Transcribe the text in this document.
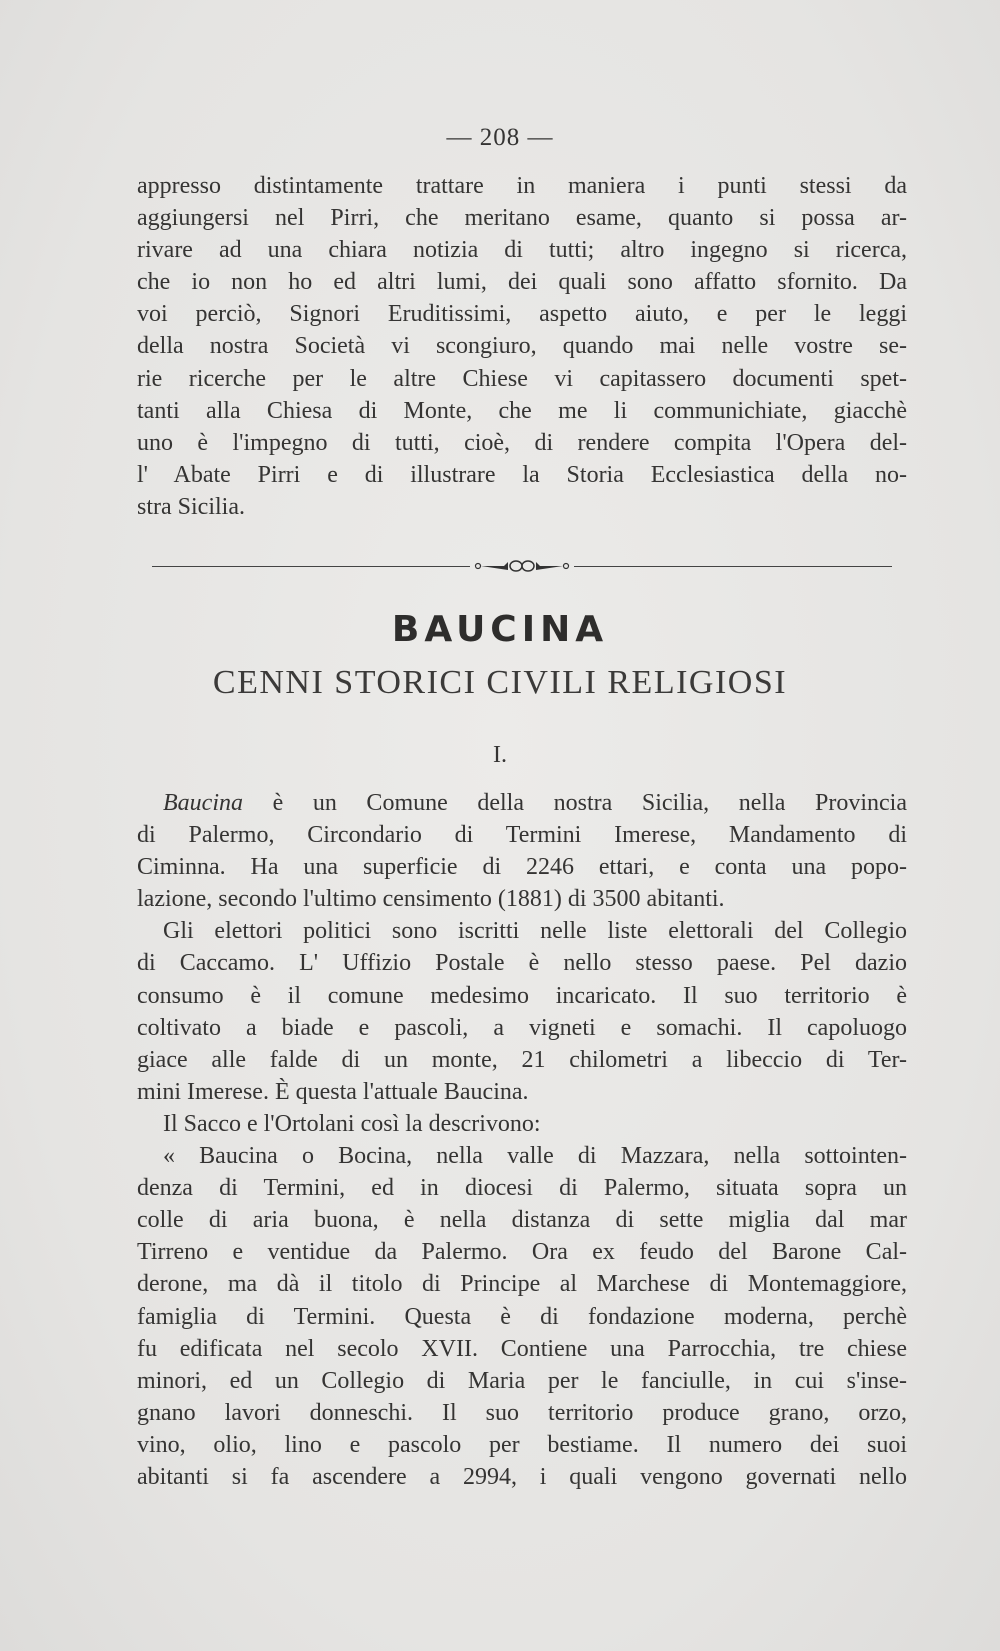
— 208 —
appresso distintamente trattare in maniera i punti stessi da
aggiungersi nel Pirri, che meritano esame, quanto si possa ar-
rivare ad una chiara notizia di tutti; altro ingegno si ricerca,
che io non ho ed altri lumi, dei quali sono affatto sfornito. Da
voi perciò, Signori Eruditissimi, aspetto aiuto, e per le leggi
della nostra Società vi scongiuro, quando mai nelle vostre se-
rie ricerche per le altre Chiese vi capitassero documenti spet-
tanti alla Chiesa di Monte, che me li communichiate, giacchè
uno è l'impegno di tutti, cioè, di rendere compita l'Opera del-
l' Abate Pirri e di illustrare la Storia Ecclesiastica della no-
stra Sicilia.
BAUCINA
CENNI STORICI CIVILI RELIGIOSI
I.
Baucina è un Comune della nostra Sicilia, nella Provincia
di Palermo, Circondario di Termini Imerese, Mandamento di
Ciminna. Ha una superficie di 2246 ettari, e conta una popo-
lazione, secondo l'ultimo censimento (1881) di 3500 abitanti.
Gli elettori politici sono iscritti nelle liste elettorali del Collegio
di Caccamo. L' Uffizio Postale è nello stesso paese. Pel dazio
consumo è il comune medesimo incaricato. Il suo territorio è
coltivato a biade e pascoli, a vigneti e somachi. Il capoluogo
giace alle falde di un monte, 21 chilometri a libeccio di Ter-
mini Imerese. È questa l'attuale Baucina.
Il Sacco e l'Ortolani così la descrivono:
« Baucina o Bocina, nella valle di Mazzara, nella sottointen-
denza di Termini, ed in diocesi di Palermo, situata sopra un
colle di aria buona, è nella distanza di sette miglia dal mar
Tirreno e ventidue da Palermo. Ora ex feudo del Barone Cal-
derone, ma dà il titolo di Principe al Marchese di Montemaggiore,
famiglia di Termini. Questa è di fondazione moderna, perchè
fu edificata nel secolo XVII. Contiene una Parrocchia, tre chiese
minori, ed un Collegio di Maria per le fanciulle, in cui s'inse-
gnano lavori donneschi. Il suo territorio produce grano, orzo,
vino, olio, lino e pascolo per bestiame. Il numero dei suoi
abitanti si fa ascendere a 2994, i quali vengono governati nello
